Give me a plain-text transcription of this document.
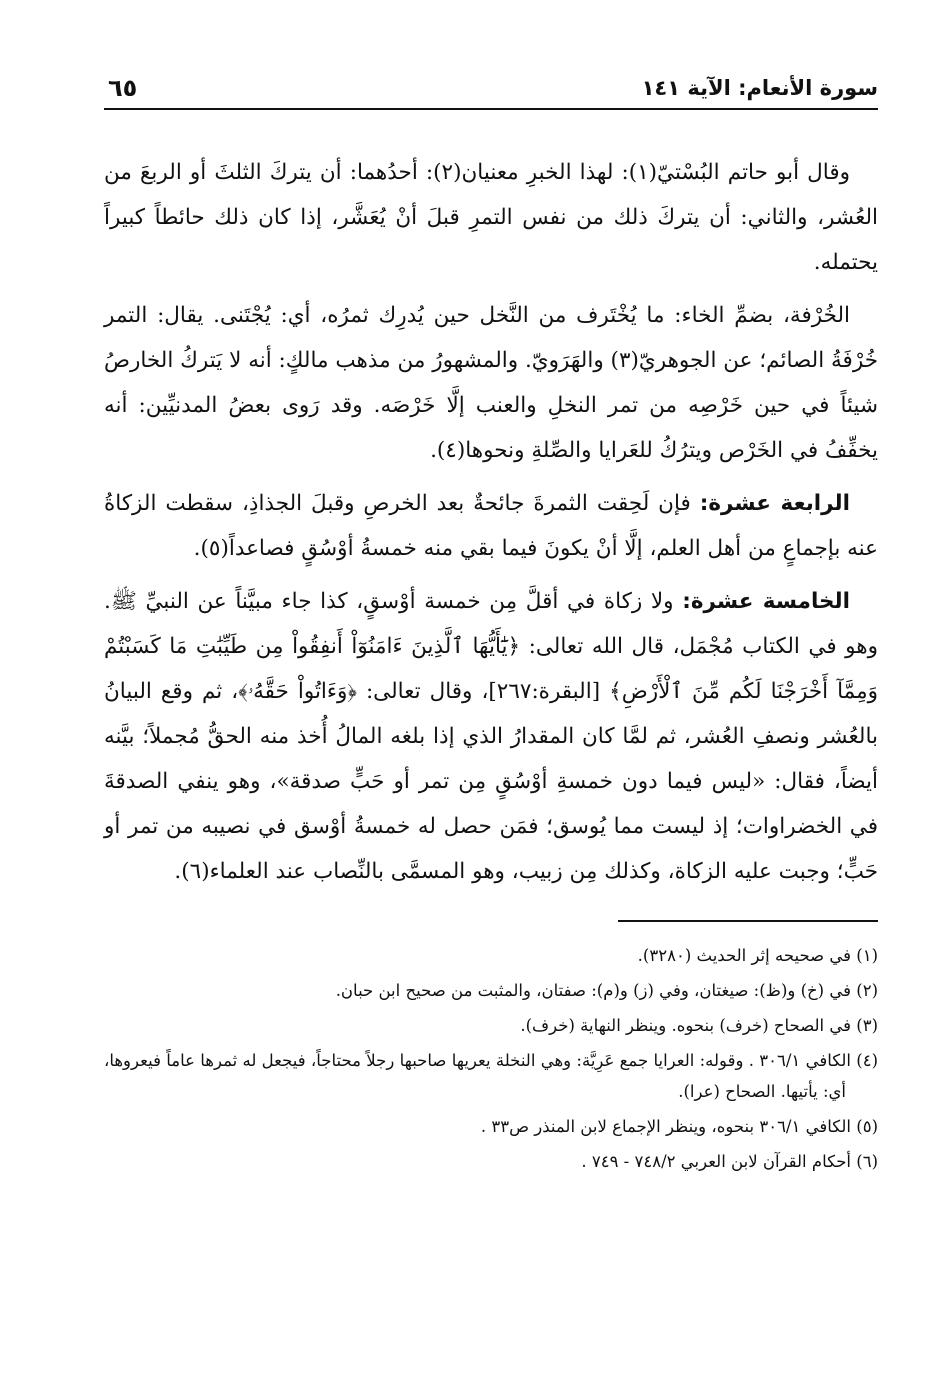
سورة الأنعام: الآية ١٤١
٦٥

وقال أبو حاتم البُسْتيّ(١): لهذا الخبرِ معنيان(٢): أحدُهما: أن يتركَ الثلثَ أو الربعَ من العُشر، والثاني: أن يتركَ ذلك من نفس التمرِ قبلَ أنْ يُعَشَّر، إذا كان ذلك حائطاً كبيراً يحتمله.

الخُرْفة، بضمِّ الخاء: ما يُخْتَرف من النَّخل حين يُدرِك ثمرُه، أي: يُجْتَنى. يقال: التمر خُرْفَةُ الصائم؛ عن الجوهريّ(٣) والهَرَويّ. والمشهورُ من مذهب مالكٍ: أنه لا يَتركُ الخارصُ شيئاً في حين خَرْصِه من تمر النخلِ والعنب إلَّا خَرْصَه. وقد رَوى بعضُ المدنيِّين: أنه يخفِّفُ في الخَرْص ويترُكُ للعَرايا والصِّلةِ ونحوها(٤).

الرابعة عشرة: فإن لَحِقت الثمرةَ جائحةٌ بعد الخرصِ وقبلَ الجذاذِ، سقطت الزكاةُ عنه بإجماعٍ من أهل العلم، إلَّا أنْ يكونَ فيما بقي منه خمسةُ أوْسُقٍ فصاعداً(٥).

الخامسة عشرة: ولا زكاة في أقلَّ مِن خمسة أوْسقٍ، كذا جاء مبيَّناً عن النبيِّ ﷺ. وهو في الكتاب مُجْمَل، قال الله تعالى: ﴿يَٰٓأَيُّهَا ٱلَّذِينَ ءَامَنُوٓاْ أَنفِقُواْ مِن طَيِّبَٰتِ مَا كَسَبْتُمْ وَمِمَّآ أَخْرَجْنَا لَكُم مِّنَ ٱلْأَرْضِ﴾ [البقرة:٢٦٧]، وقال تعالى: ﴿وَءَاتُواْ حَقَّهُۥ﴾، ثم وقع البيانُ بالعُشر ونصفِ العُشر، ثم لمَّا كان المقدارُ الذي إذا بلغه المالُ أُخذ منه الحقُّ مُجملاً؛ بيَّنه أيضاً، فقال: «ليس فيما دون خمسةِ أوْسُقٍ مِن تمر أو حَبٍّ صدقة»، وهو ينفي الصدقةَ في الخضراوات؛ إذ ليست مما يُوسق؛ فمَن حصل له خمسةُ أوْسق في نصيبه من تمر أو حَبٍّ؛ وجبت عليه الزكاة، وكذلك مِن زبيب، وهو المسمَّى بالنِّصاب عند العلماء(٦).

(١) في صحيحه إثر الحديث (٣٢٨٠).

(٢) في (خ) و(ظ): صيغتان، وفي (ز) و(م): صفتان، والمثبت من صحيح ابن حبان.

(٣) في الصحاح (خرف) بنحوه. وينظر النهاية (خرف).

(٤) الكافي ٣٠٦/١ . وقوله: العرايا جمع عَرِيَّة: وهي النخلة يعريها صاحبها رجلاً محتاجاً، فيجعل له ثمرها عاماً فيعروها، أي: يأتيها. الصحاح (عرا).

(٥) الكافي ٣٠٦/١ بنحوه، وينظر الإجماع لابن المنذر ص٣٣ .

(٦) أحكام القرآن لابن العربي ٧٤٨/٢ - ٧٤٩ .
